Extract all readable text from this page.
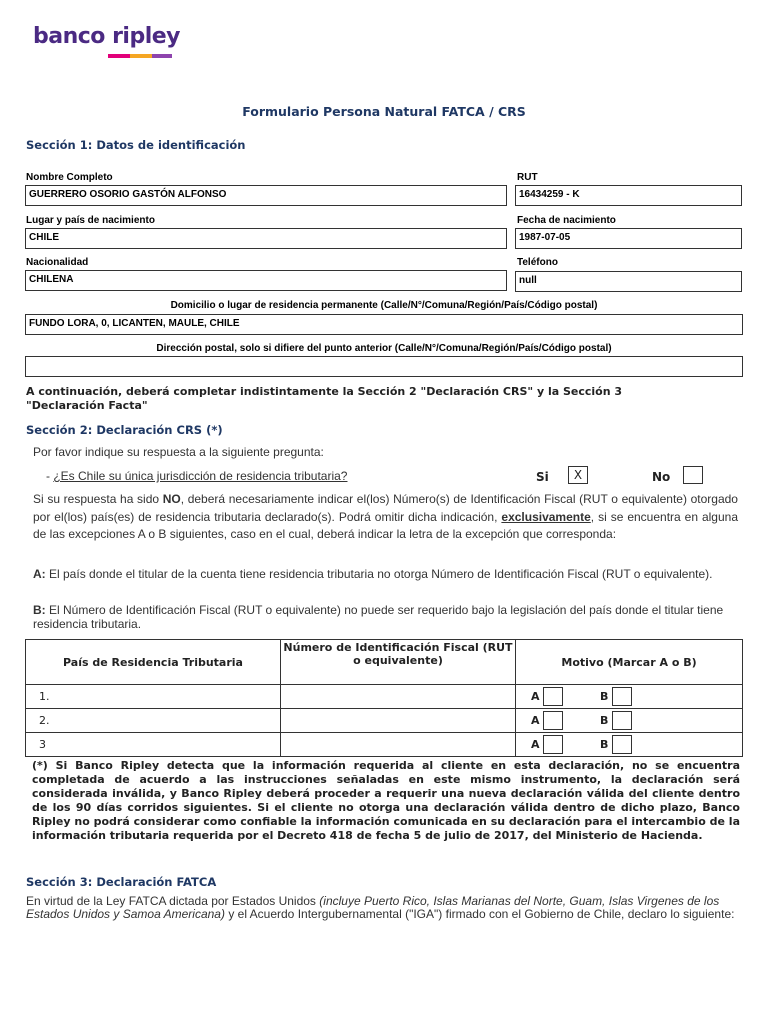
banco ripley
Formulario Persona Natural FATCA / CRS
Sección 1: Datos de identificación
Nombre Completo
GUERRERO OSORIO GASTÓN ALFONSO
RUT
16434259 - K
Lugar y país de nacimiento
CHILE
Fecha de nacimiento
1987-07-05
Nacionalidad
CHILENA
Teléfono
null
Domicilio o lugar de residencia permanente (Calle/N°/Comuna/Región/País/Código postal)
FUNDO LORA, 0, LICANTEN, MAULE, CHILE
Dirección postal, solo si difiere del punto anterior (Calle/N°/Comuna/Región/País/Código postal)
A continuación, deberá completar indistintamente la Sección 2 "Declaración CRS" y la Sección 3 "Declaración Facta"
Sección 2: Declaración CRS (*)
Por favor indique su respuesta a la siguiente pregunta:
- ¿Es Chile su única jurisdicción de residencia tributaria?	Si	X	No
Si su respuesta ha sido NO, deberá necesariamente indicar el(los) Número(s) de Identificación Fiscal (RUT o equivalente) otorgado por el(los) país(es) de residencia tributaria declarado(s). Podrá omitir dicha indicación, exclusivamente, si se encuentra en alguna de las excepciones A o B siguientes, caso en el cual, deberá indicar la letra de la excepción que corresponda:
A: El país donde el titular de la cuenta tiene residencia tributaria no otorga Número de Identificación Fiscal (RUT o equivalente).
B: El Número de Identificación Fiscal (RUT o equivalente) no puede ser requerido bajo la legislación del país donde el titular tiene residencia tributaria.
País de Residencia Tributaria	Número de Identificación Fiscal (RUT o equivalente)	Motivo (Marcar A o B)
1.		A B
2.		A B
3		A B
(*) Si Banco Ripley detecta que la información requerida al cliente en esta declaración, no se encuentra completada de acuerdo a las instrucciones señaladas en este mismo instrumento, la declaración será considerada inválida, y Banco Ripley deberá proceder a requerir una nueva declaración válida del cliente dentro de los 90 días corridos siguientes. Si el cliente no otorga una declaración válida dentro de dicho plazo, Banco Ripley no podrá considerar como confiable la información comunicada en su declaración para el intercambio de la información tributaria requerida por el Decreto 418 de fecha 5 de julio de 2017, del Ministerio de Hacienda.
Sección 3: Declaración FATCA
En virtud de la Ley FATCA dictada por Estados Unidos (incluye Puerto Rico, Islas Marianas del Norte, Guam, Islas Virgenes de los Estados Unidos y Samoa Americana) y el Acuerdo Intergubernamental ("IGA") firmado con el Gobierno de Chile, declaro lo siguiente:
